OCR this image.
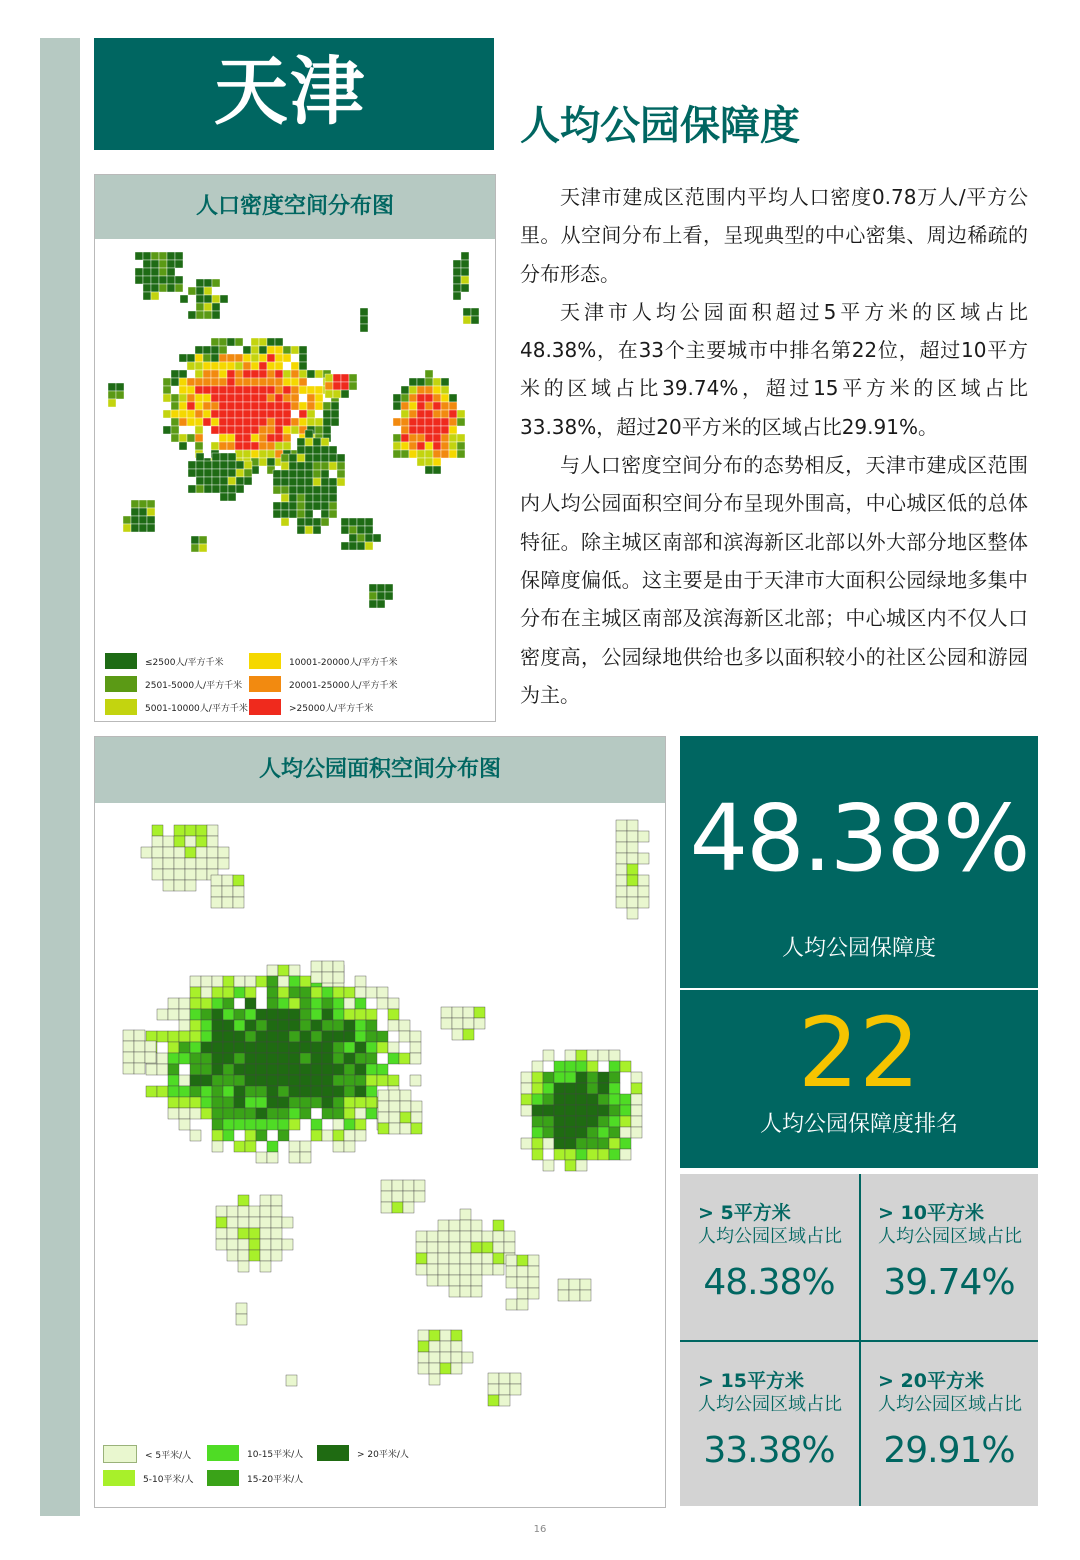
天津	人均公园保障度
人口密度空间分布图
≤2500人/平方千米
2501-5000人/平方千米
5001-10000人/平方千米
10001-20000人/平方千米
20001-25000人/平方千米
>25000人/平方千米

天津市建成区范围内平均人口密度0.78万人/平方公里。从空间分布上看，呈现典型的中心密集、周边稀疏的分布形态。

天津市人均公园面积超过5平方米的区域占比48.38%，在33个主要城市中排名第22位，超过10平方米的区域占比39.74%，超过15平方米的区域占比33.38%，超过20平方米的区域占比29.91%。

与人口密度空间分布的态势相反，天津市建成区范围内人均公园面积空间分布呈现外围高，中心城区低的总体特征。除主城区南部和滨海新区北部以外大部分地区整体保障度偏低。这主要是由于天津市大面积公园绿地多集中分布在主城区南部及滨海新区北部；中心城区内不仅人口密度高，公园绿地供给也多以面积较小的社区公园和游园为主。

人均公园面积空间分布图
< 5平米/人
5-10平米/人
10-15平米/人
15-20平米/人
> 20平米/人
48.38%
人均公园保障度
22
人均公园保障度排名
> 5平方米
人均公园区域占比
48.38%
> 10平方米
人均公园区域占比
39.74%
> 15平方米
人均公园区域占比
33.38%
> 20平方米
人均公园区域占比
29.91%
16
